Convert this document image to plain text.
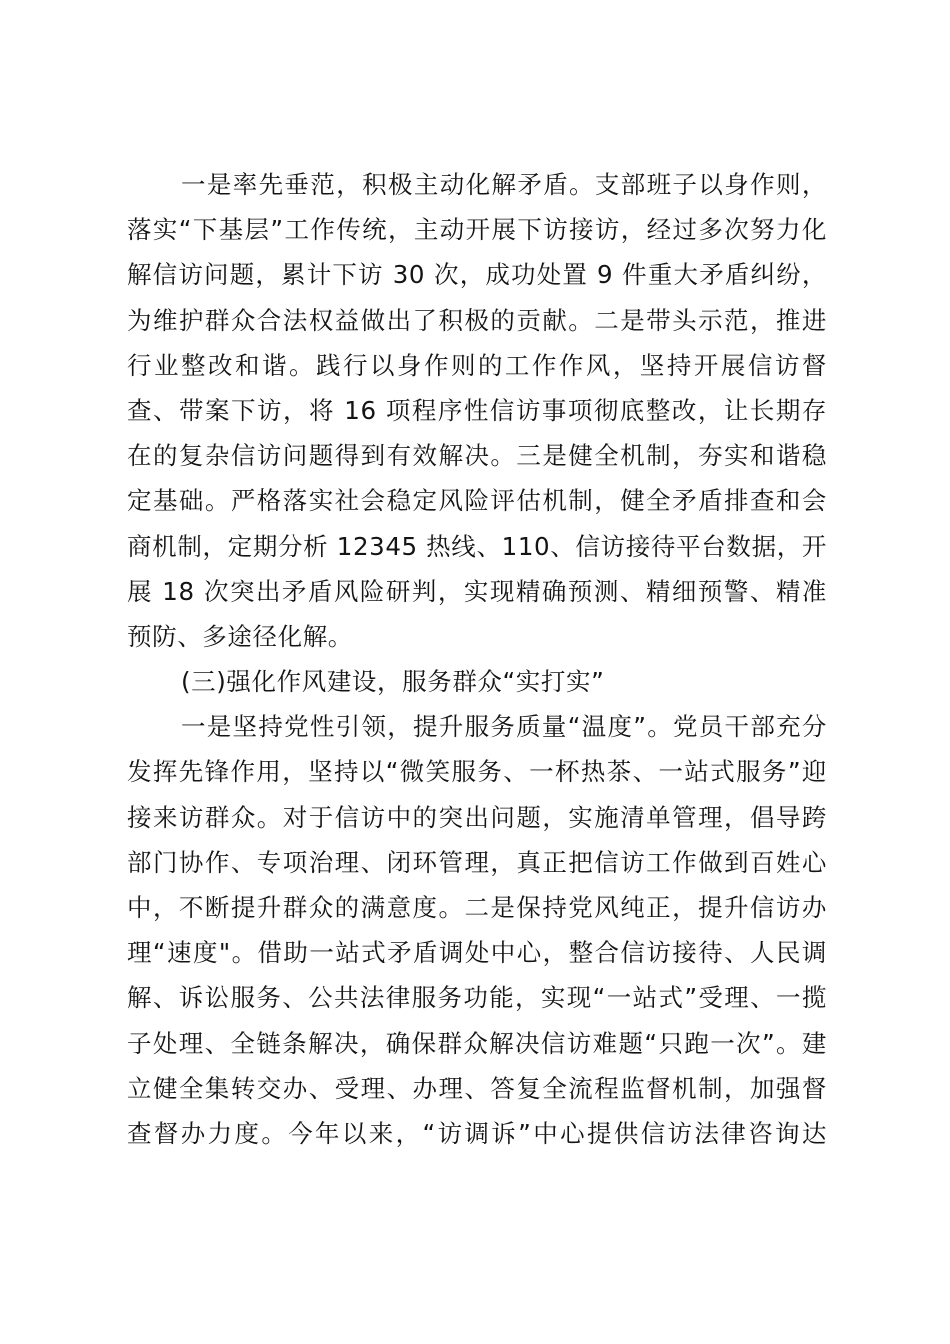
一是率先垂范，积极主动化解矛盾。支部班子以身作则，
落实“下基层”工作传统，主动开展下访接访，经过多次努力化
解信访问题，累计下访 30 次，成功处置 9 件重大矛盾纠纷，
为维护群众合法权益做出了积极的贡献。二是带头示范，推进
行业整改和谐。践行以身作则的工作作风，坚持开展信访督
查、带案下访，将 16 项程序性信访事项彻底整改，让长期存
在的复杂信访问题得到有效解决。三是健全机制，夯实和谐稳
定基础。严格落实社会稳定风险评估机制，健全矛盾排查和会
商机制，定期分析 12345 热线、110、信访接待平台数据，开
展 18 次突出矛盾风险研判，实现精确预测、精细预警、精准
预防、多途径化解。
(三)强化作风建设，服务群众“实打实”
一是坚持党性引领，提升服务质量“温度”。党员干部充分
发挥先锋作用，坚持以“微笑服务、一杯热茶、一站式服务”迎
接来访群众。对于信访中的突出问题，实施清单管理，倡导跨
部门协作、专项治理、闭环管理，真正把信访工作做到百姓心
中，不断提升群众的满意度。二是保持党风纯正，提升信访办
理“速度"。借助一站式矛盾调处中心，整合信访接待、人民调
解、诉讼服务、公共法律服务功能，实现“一站式”受理、一揽
子处理、全链条解决，确保群众解决信访难题“只跑一次”。建
立健全集转交办、受理、办理、答复全流程监督机制，加强督
查督办力度。今年以来，“访调诉”中心提供信访法律咨询达
